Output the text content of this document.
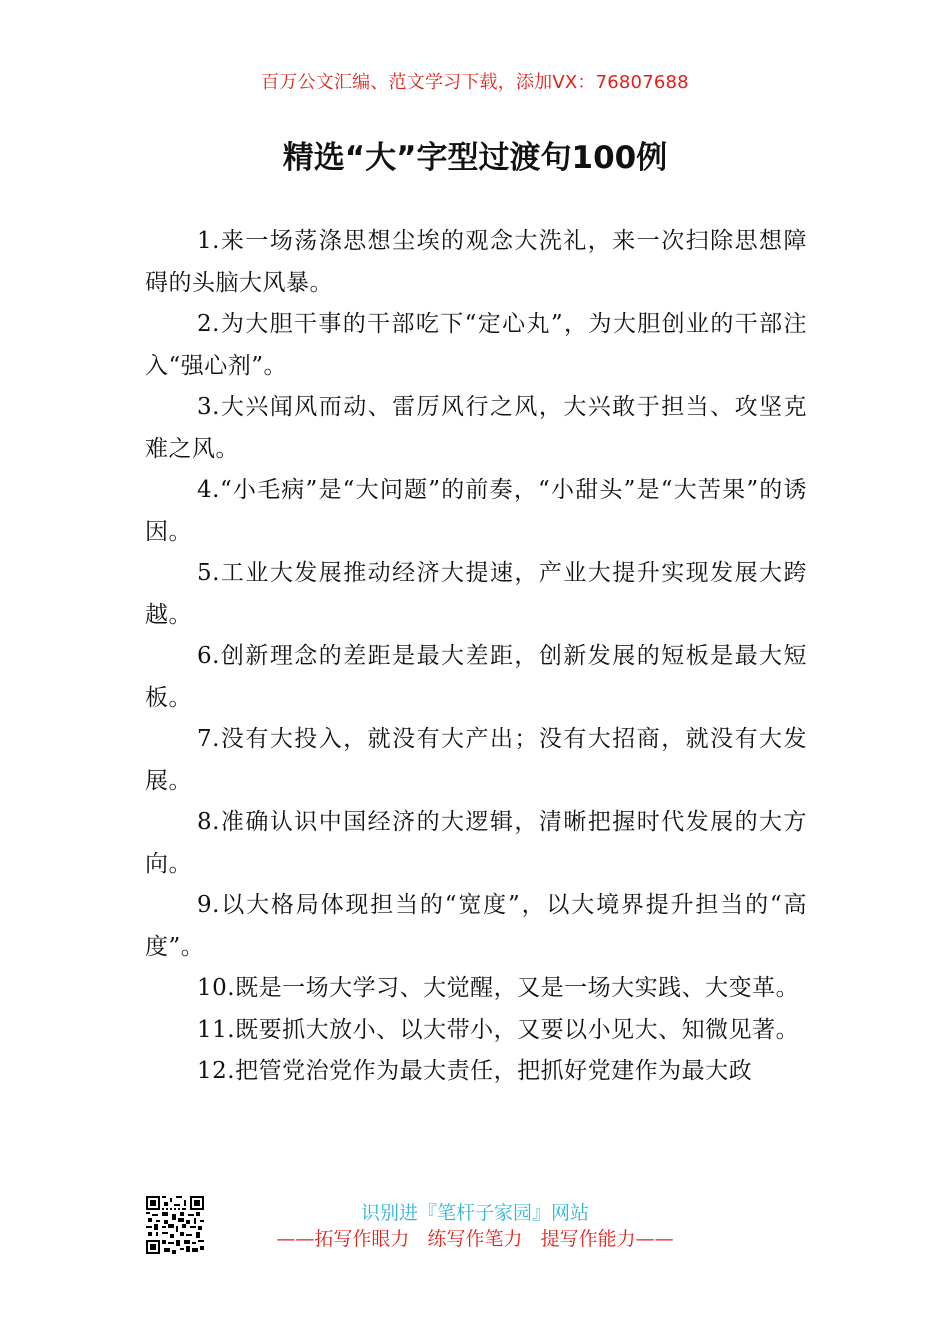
百万公文汇编、范文学习下载，添加VX：76807688
精选“大”字型过渡句100例

1.来一场荡涤思想尘埃的观念大洗礼，来一次扫除思想障碍的头脑大风暴。

2.为大胆干事的干部吃下“定心丸”，为大胆创业的干部注入“强心剂”。

3.大兴闻风而动、雷厉风行之风，大兴敢于担当、攻坚克难之风。

4.“小毛病”是“大问题”的前奏，“小甜头”是“大苦果”的诱因。

5.工业大发展推动经济大提速，产业大提升实现发展大跨越。

6.创新理念的差距是最大差距，创新发展的短板是最大短板。

7.没有大投入，就没有大产出；没有大招商，就没有大发展。

8.准确认识中国经济的大逻辑，清晰把握时代发展的大方向。

9.以大格局体现担当的“宽度”，以大境界提升担当的“高度”。

10.既是一场大学习、大觉醒，又是一场大实践、大变革。

11.既要抓大放小、以大带小，又要以小见大、知微见著。

12.把管党治党作为最大责任，把抓好党建作为最大政

识别进『笔杆子家园』网站
——拓写作眼力   练写作笔力   提写作能力——
